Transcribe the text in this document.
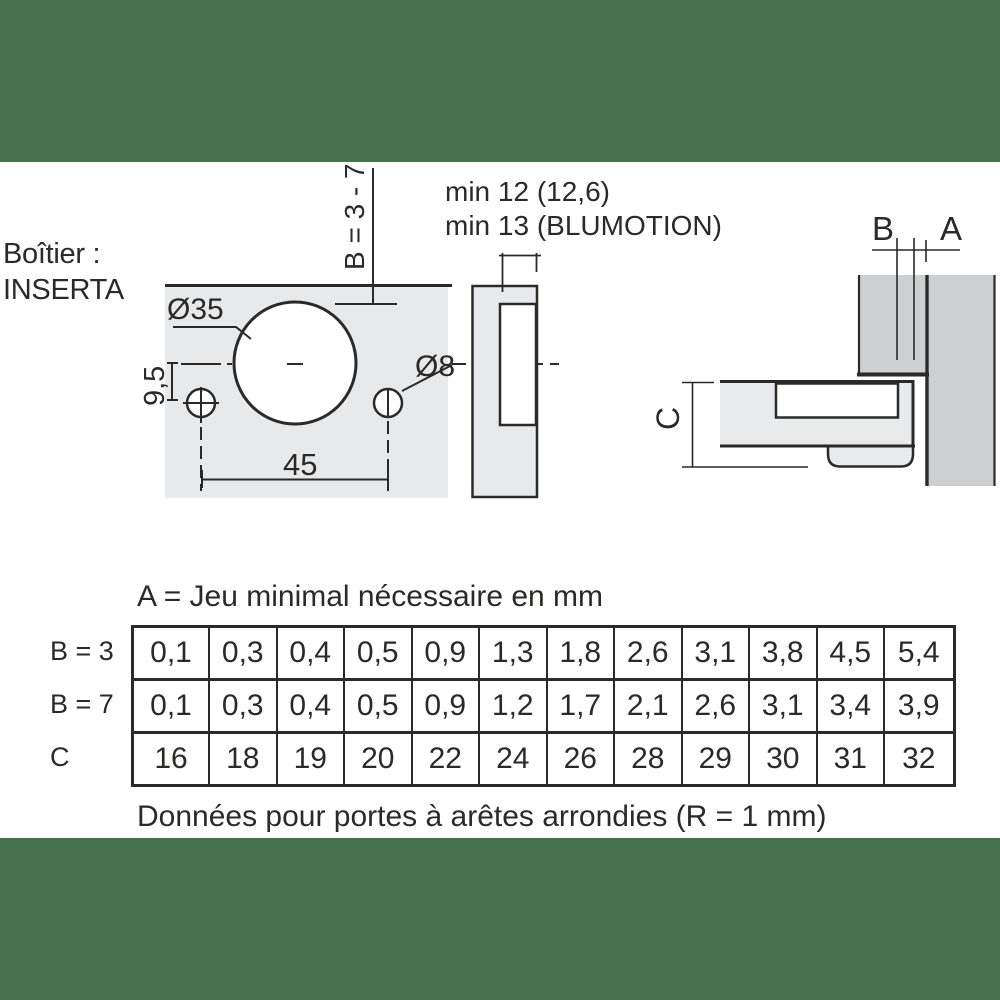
Boîtier :
INSERTA
B = 3 - 7
Ø35
9,5	Ø8
45
min 12 (12,6)
min 13 (BLUMOTION)	B A
C
A = Jeu minimal nécessaire en mm
B = 3
B = 7
C
0,1	0,3 0,4 0,5 0,9 1,3 1,8 2,6 3,1 3,8 4,5 5,4
0,1	0,3 0,4 0,5 0,9 1,2 1,7 2,1 2,6 3,1 3,4 3,9
16	18	19	20	22	24	26	28	29	30	31	32
Données pour portes à arêtes arrondies (R = 1 mm)
